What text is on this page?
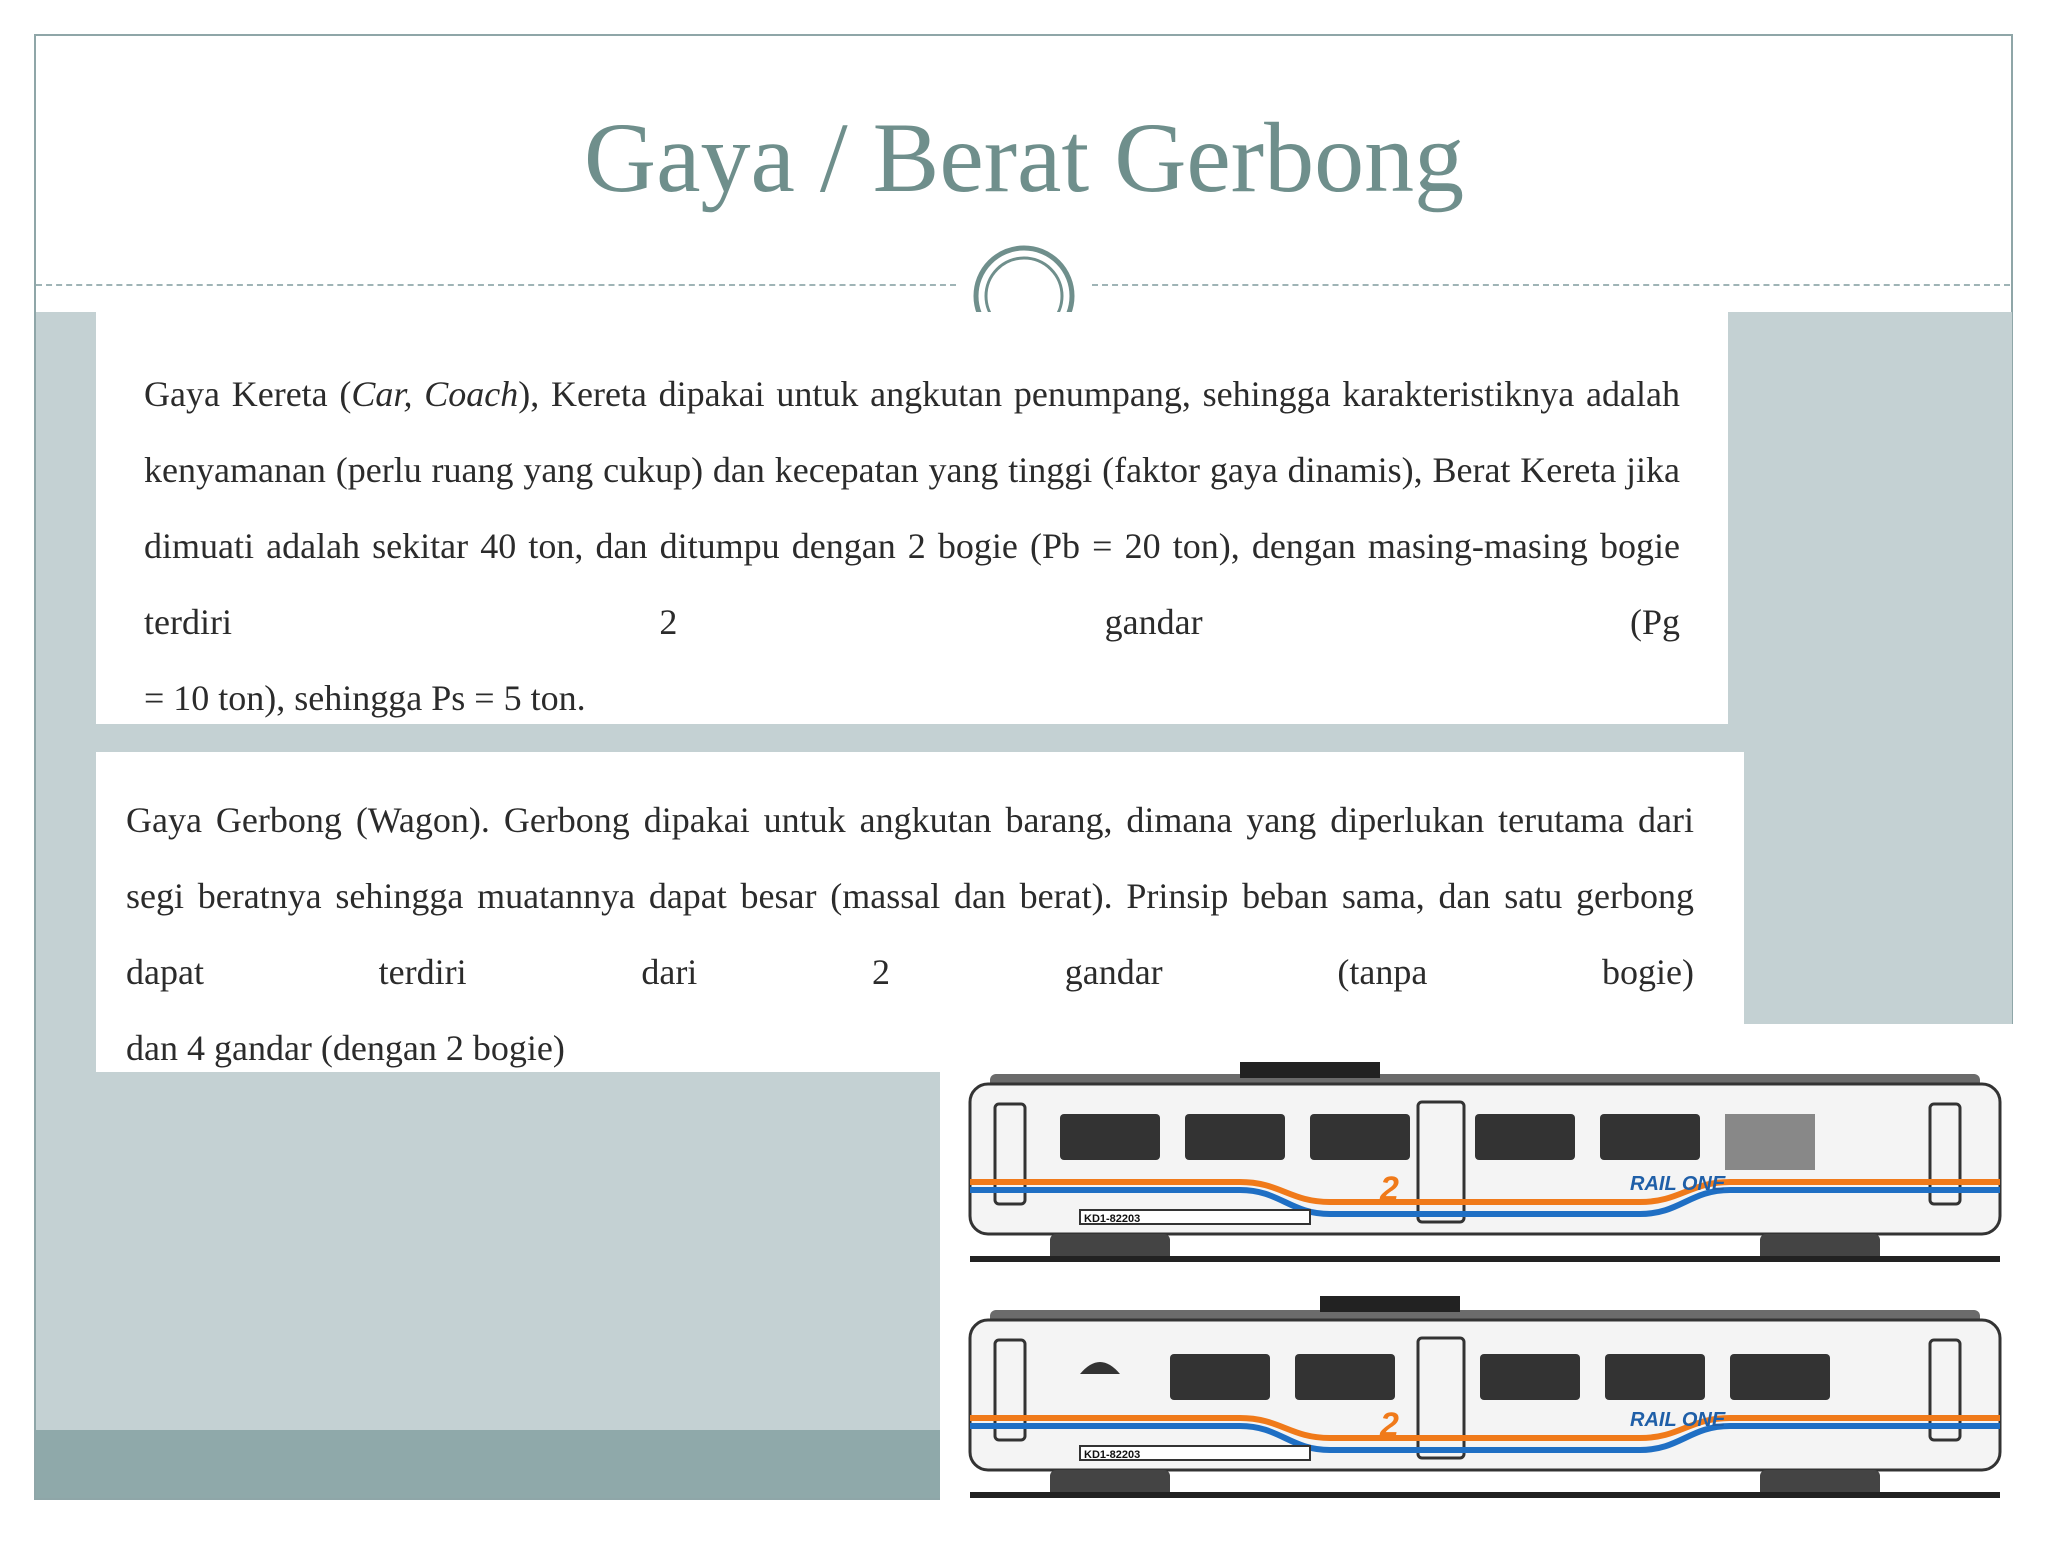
Gaya / Berat Gerbong

Gaya Kereta (Car, Coach), Kereta dipakai untuk angkutan penumpang, sehingga karakteristiknya adalah kenyamanan (perlu ruang yang cukup) dan kecepatan yang tinggi (faktor gaya dinamis), Berat Kereta jika dimuati adalah sekitar 40 ton, dan ditumpu dengan 2 bogie (Pb = 20 ton), dengan masing-masing bogie terdiri 2 gandar (Pg
= 10 ton), sehingga Ps = 5 ton.

Gaya Gerbong (Wagon). Gerbong dipakai untuk angkutan barang, dimana yang diperlukan terutama dari segi beratnya sehingga muatannya dapat besar (massal dan berat). Prinsip beban sama, dan satu gerbong dapat terdiri dari 2 gandar (tanpa bogie)
dan 4 gandar (dengan 2 bogie)

2	RAIL ONE
KD1-82203
2	RAIL ONE
KD1-82203
